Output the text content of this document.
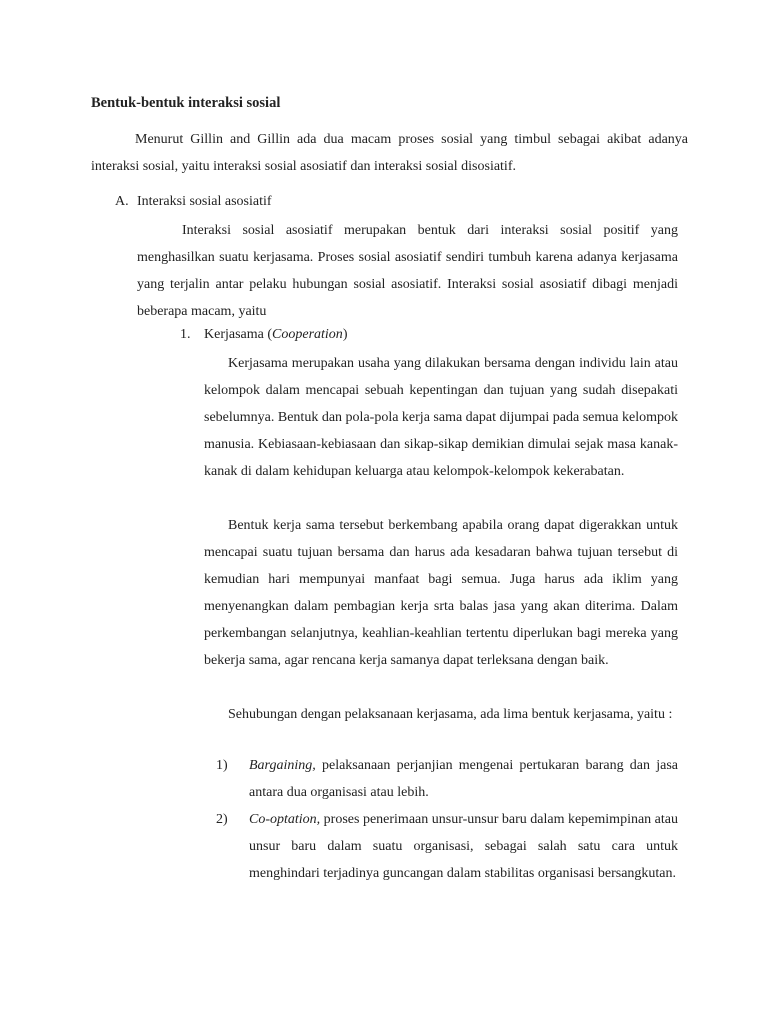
Bentuk-bentuk interaksi sosial

Menurut Gillin and Gillin ada dua macam proses sosial yang timbul sebagai akibat adanya interaksi sosial, yaitu interaksi sosial asosiatif dan interaksi sosial disosiatif.

A. Interaksi sosial asosiatif

Interaksi sosial asosiatif merupakan bentuk dari interaksi sosial positif yang menghasilkan suatu kerjasama. Proses sosial asosiatif sendiri tumbuh karena adanya kerjasama yang terjalin antar pelaku hubungan sosial asosiatif. Interaksi sosial asosiatif dibagi menjadi beberapa macam, yaitu

1. Kerjasama (Cooperation)

Kerjasama merupakan usaha yang dilakukan bersama dengan individu lain atau kelompok dalam mencapai sebuah kepentingan dan tujuan yang sudah disepakati sebelumnya. Bentuk dan pola-pola kerja sama dapat dijumpai pada semua kelompok manusia. Kebiasaan-kebiasaan dan sikap-sikap demikian dimulai sejak masa kanak-kanak di dalam kehidupan keluarga atau kelompok-kelompok kekerabatan.

Bentuk kerja sama tersebut berkembang apabila orang dapat digerakkan untuk mencapai suatu tujuan bersama dan harus ada kesadaran bahwa tujuan tersebut di kemudian hari mempunyai manfaat bagi semua. Juga harus ada iklim yang menyenangkan dalam pembagian kerja srta balas jasa yang akan diterima. Dalam perkembangan selanjutnya, keahlian-keahlian tertentu diperlukan bagi mereka yang bekerja sama, agar rencana kerja samanya dapat terleksana dengan baik.

Sehubungan dengan pelaksanaan kerjasama, ada lima bentuk kerjasama, yaitu :

1) Bargaining, pelaksanaan perjanjian mengenai pertukaran barang dan jasa antara dua organisasi atau lebih.

2) Co-optation, proses penerimaan unsur-unsur baru dalam kepemimpinan atau unsur baru dalam suatu organisasi, sebagai salah satu cara untuk menghindari terjadinya guncangan dalam stabilitas organisasi bersangkutan.
